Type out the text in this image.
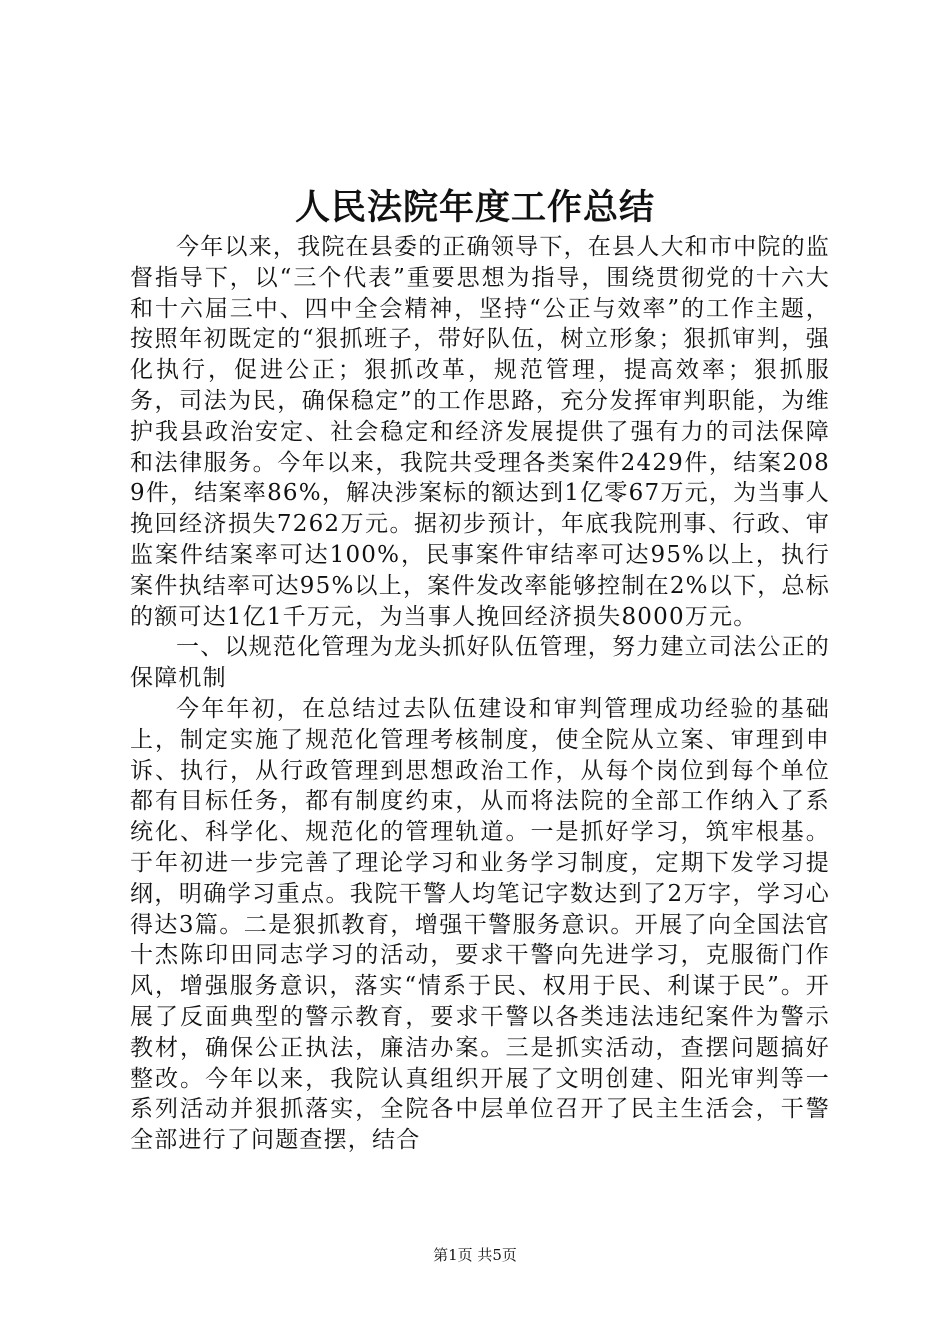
人民法院年度工作总结

今年以来，我院在县委的正确领导下，在县人大和市中院的监督指导下，以“三个代表”重要思想为指导，围绕贯彻党的十六大和十六届三中、四中全会精神，坚持“公正与效率”的工作主题，按照年初既定的“狠抓班子，带好队伍，树立形象；狠抓审判，强化执行，促进公正；狠抓改革，规范管理，提高效率；狠抓服务，司法为民，确保稳定”的工作思路，充分发挥审判职能，为维护我县政治安定、社会稳定和经济发展提供了强有力的司法保障和法律服务。今年以来，我院共受理各类案件2429件，结案2089件，结案率86%，解决涉案标的额达到1亿零67万元，为当事人挽回经济损失7262万元。据初步预计，年底我院刑事、行政、审监案件结案率可达100%，民事案件审结率可达95%以上，执行案件执结率可达95%以上，案件发改率能够控制在2%以下，总标的额可达1亿1千万元，为当事人挽回经济损失8000万元。

一、以规范化管理为龙头抓好队伍管理，努力建立司法公正的保障机制

今年年初，在总结过去队伍建设和审判管理成功经验的基础上，制定实施了规范化管理考核制度，使全院从立案、审理到申诉、执行，从行政管理到思想政治工作，从每个岗位到每个单位都有目标任务，都有制度约束，从而将法院的全部工作纳入了系统化、科学化、规范化的管理轨道。一是抓好学习，筑牢根基。于年初进一步完善了理论学习和业务学习制度，定期下发学习提纲，明确学习重点。我院干警人均笔记字数达到了2万字，学习心得达3篇。二是狠抓教育，增强干警服务意识。开展了向全国法官十杰陈印田同志学习的活动，要求干警向先进学习，克服衙门作风，增强服务意识，落实“情系于民、权用于民、利谋于民”。开展了反面典型的警示教育，要求干警以各类违法违纪案件为警示教材，确保公正执法，廉洁办案。三是抓实活动，查摆问题搞好整改。今年以来，我院认真组织开展了文明创建、阳光审判等一系列活动并狠抓落实，全院各中层单位召开了民主生活会，干警全部进行了问题查摆，结合

第1页 共5页
